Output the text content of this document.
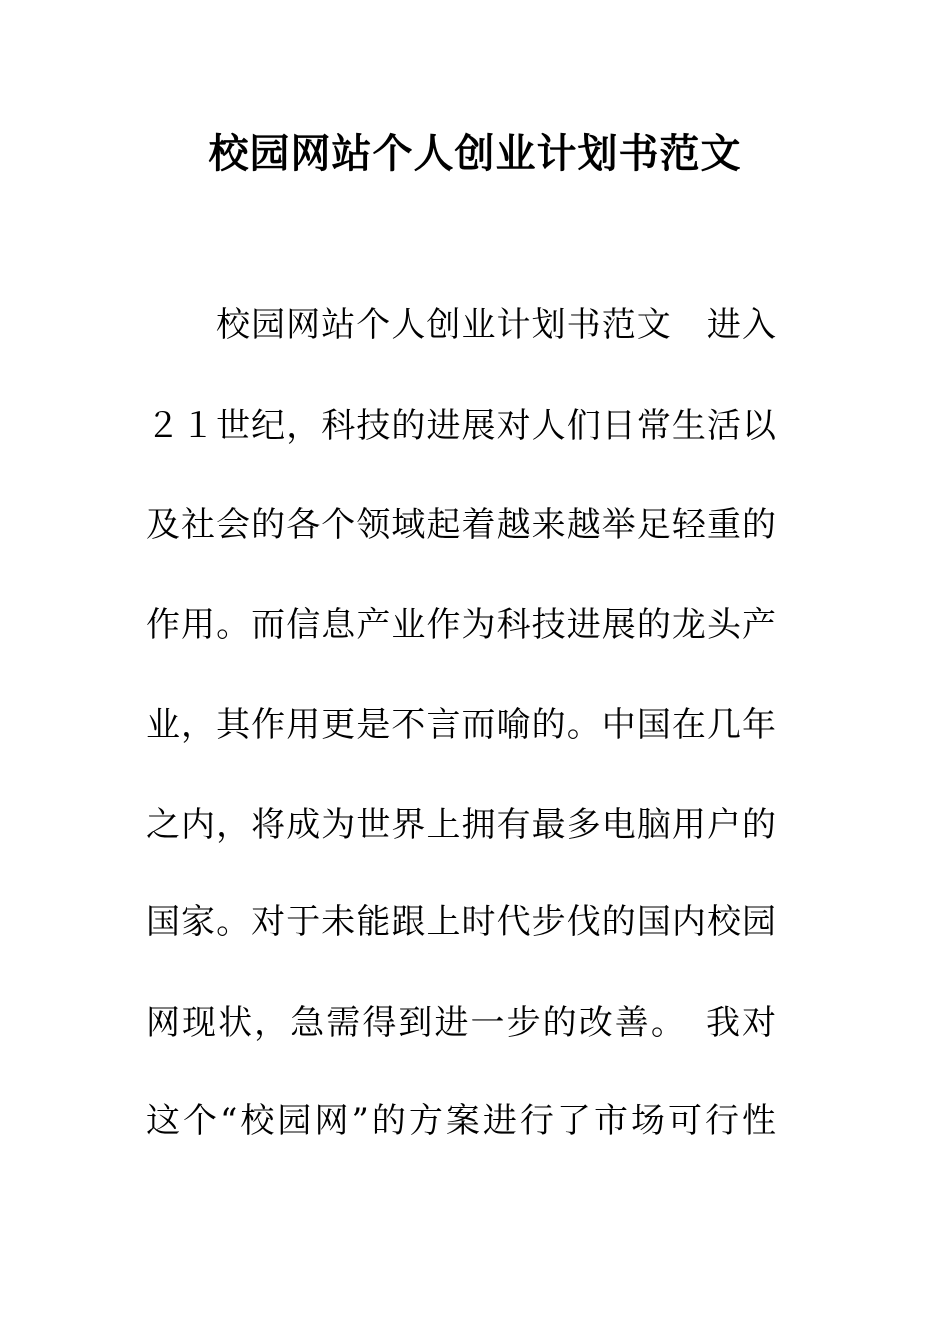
校园网站个人创业计划书范文
校园网站个人创业计划书范文　进入
２１世纪，科技的进展对人们日常生活以
及社会的各个领域起着越来越举足轻重的
作用。而信息产业作为科技进展的龙头产
业，其作用更是不言而喻的。中国在几年
之内，将成为世界上拥有最多电脑用户的
国家。对于未能跟上时代步伐的国内校园
网现状，急需得到进一步的改善。　我对
这个“校园网”的方案进行了市场可行性
